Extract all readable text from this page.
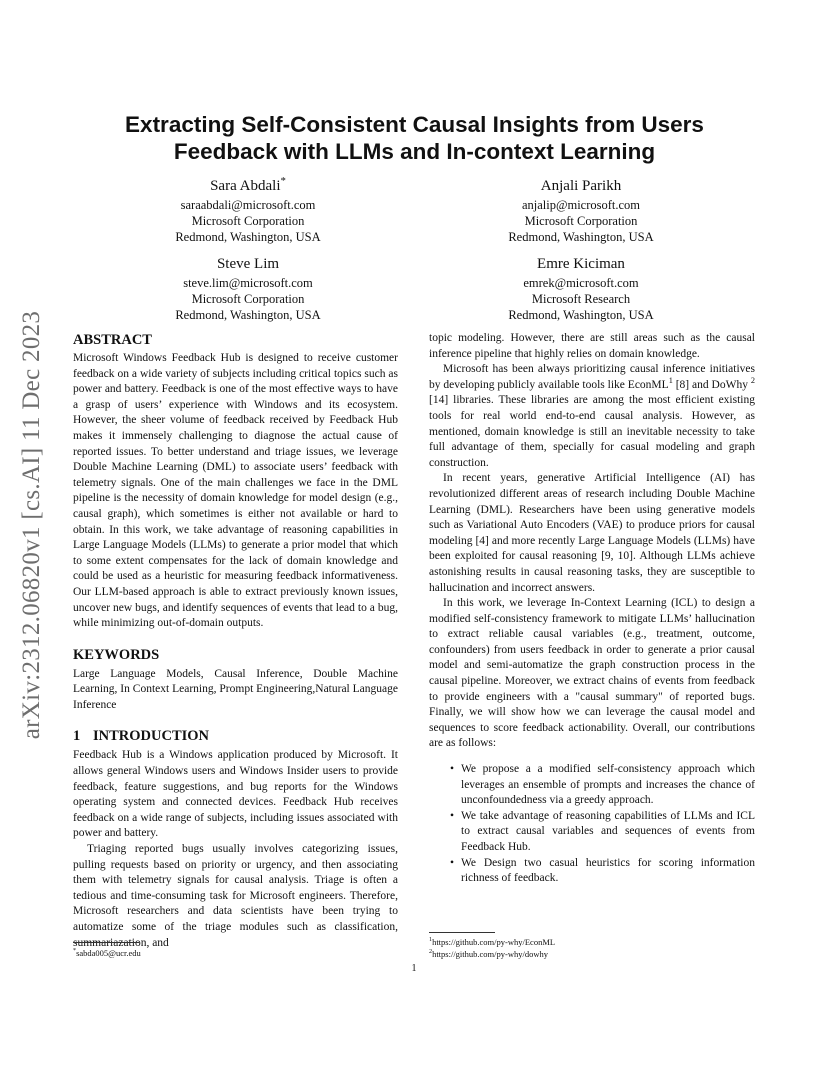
arXiv:2312.06820v1 [cs.AI] 11 Dec 2023
Extracting Self-Consistent Causal Insights from Users
Feedback with LLMs and In-context Learning
Sara Abdali*
saraabdali@microsoft.com
Microsoft Corporation
Redmond, Washington, USA
Anjali Parikh
anjalip@microsoft.com
Microsoft Corporation
Redmond, Washington, USA
Steve Lim
steve.lim@microsoft.com
Microsoft Corporation
Redmond, Washington, USA
Emre Kiciman
emrek@microsoft.com
Microsoft Research
Redmond, Washington, USA
ABSTRACT

Microsoft Windows Feedback Hub is designed to receive customer feedback on a wide variety of subjects including critical topics such as power and battery. Feedback is one of the most effective ways to have a grasp of users’ experience with Windows and its ecosystem. However, the sheer volume of feedback received by Feedback Hub makes it immensely challenging to diagnose the actual cause of reported issues. To better understand and triage issues, we leverage Double Machine Learning (DML) to associate users’ feedback with telemetry signals. One of the main challenges we face in the DML pipeline is the necessity of domain knowledge for model design (e.g., causal graph), which sometimes is either not available or hard to obtain. In this work, we take advantage of reasoning capabilities in Large Language Models (LLMs) to generate a prior model that which to some extent compensates for the lack of domain knowledge and could be used as a heuristic for measuring feedback informativeness. Our LLM-based approach is able to extract previously known issues, uncover new bugs, and identify sequences of events that lead to a bug, while minimizing out-of-domain outputs.

KEYWORDS

Large Language Models, Causal Inference, Double Machine Learning, In Context Learning, Prompt Engineering,Natural Language Inference

1 INTRODUCTION

Feedback Hub is a Windows application produced by Microsoft. It allows general Windows users and Windows Insider users to provide feedback, feature suggestions, and bug reports for the Windows operating system and connected devices. Feedback Hub receives feedback on a wide range of subjects, including issues associated with power and battery.

Triaging reported bugs usually involves categorizing issues, pulling requests based on priority or urgency, and then associating them with telemetry signals for causal analysis. Triage is often a tedious and time-consuming task for Microsoft engineers. Therefore, Microsoft researchers and data scientists have been trying to automatize some of the triage modules such as classification, summariazation, and

topic modeling. However, there are still areas such as the causal inference pipeline that highly relies on domain knowledge.

Microsoft has been always prioritizing causal inference initiatives by developing publicly available tools like EconML$^1$ [8] and DoWhy $^2$ [14] libraries. These libraries are among the most efficient existing tools for real world end-to-end causal analysis. However, as mentioned, domain knowledge is still an inevitable necessity to take full advantage of them, specially for casual modeling and graph construction.

In recent years, generative Artificial Intelligence (AI) has revolutionized different areas of research including Double Machine Learning (DML). Researchers have been using generative models such as Variational Auto Encoders (VAE) to produce priors for causal modeling [4] and more recently Large Language Models (LLMs) have been exploited for causal reasoning [9, 10]. Although LLMs achieve astonishing results in causal reasoning tasks, they are susceptible to hallucination and incorrect answers.

In this work, we leverage In-Context Learning (ICL) to design a modified self-consistency framework to mitigate LLMs’ hallucination to extract reliable causal variables (e.g., treatment, outcome, confounders) from users feedback in order to generate a prior causal model and semi-automatize the graph construction process in the causal pipeline. Moreover, we extract chains of events from feedback to provide engineers with a "causal summary" of reported bugs. Finally, we will show how we can leverage the causal model and sequences to score feedback actionability. Overall, our contributions are as follows:

• We propose a a modified self-consistency approach which leverages an ensemble of prompts and increases the chance of unconfoundedness via a greedy approach.
• We take advantage of reasoning capabilities of LLMs and ICL to extract causal variables and sequences of events from Feedback Hub.
• We Design two casual heuristics for scoring information richness of feedback.
*sabda005@ucr.edu
$^1$https://github.com/py-why/EconML
$^2$https://github.com/py-why/dowhy
1
